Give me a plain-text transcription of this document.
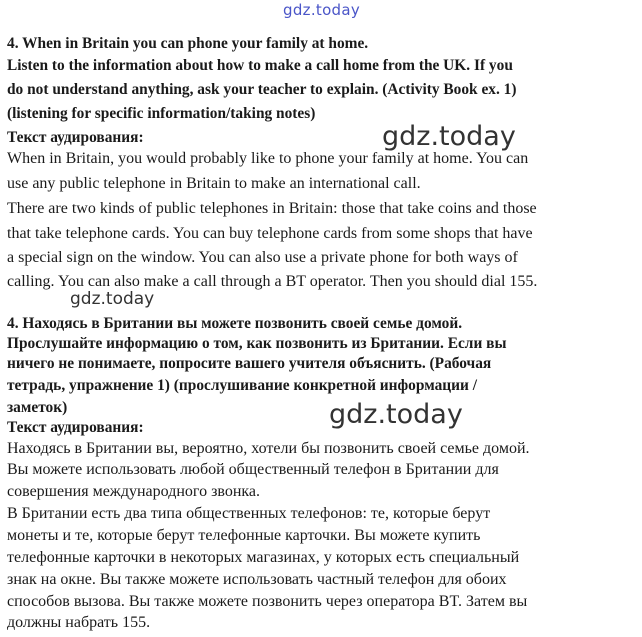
gdz.today
gdz.today
gdz.today
gdz.today
4. When in Britain you can phone your family at home.
Listen to the information about how to make a call home from the UK. If you
do not understand anything, ask your teacher to explain. (Activity Book ex. 1)
(listening for specific information/taking notes)
Текст аудирования:
When in Britain, you would probably like to phone your family at home. You can
use any public telephone in Britain to make an international call.
There are two kinds of public telephones in Britain: those that take coins and those
that take telephone cards. You can buy telephone cards from some shops that have
a special sign on the window. You can also use a private phone for both ways of
calling. You can also make a call through a BT operator. Then you should dial 155.
4. Находясь в Британии вы можете позвонить своей семье домой.
Прослушайте информацию о том, как позвонить из Британии. Если вы
ничего не понимаете, попросите вашего учителя объяснить. (Рабочая
тетрадь, упражнение 1) (прослушивание конкретной информации /
заметок)
Текст аудирования:
Находясь в Британии вы, вероятно, хотели бы позвонить своей семье домой.
Вы можете использовать любой общественный телефон в Британии для
совершения международного звонка.
В Британии есть два типа общественных телефонов: те, которые берут
монеты и те, которые берут телефонные карточки. Вы можете купить
телефонные карточки в некоторых магазинах, у которых есть специальный
знак на окне. Вы также можете использовать частный телефон для обоих
способов вызова. Вы также можете позвонить через оператора BT. Затем вы
должны набрать 155.
